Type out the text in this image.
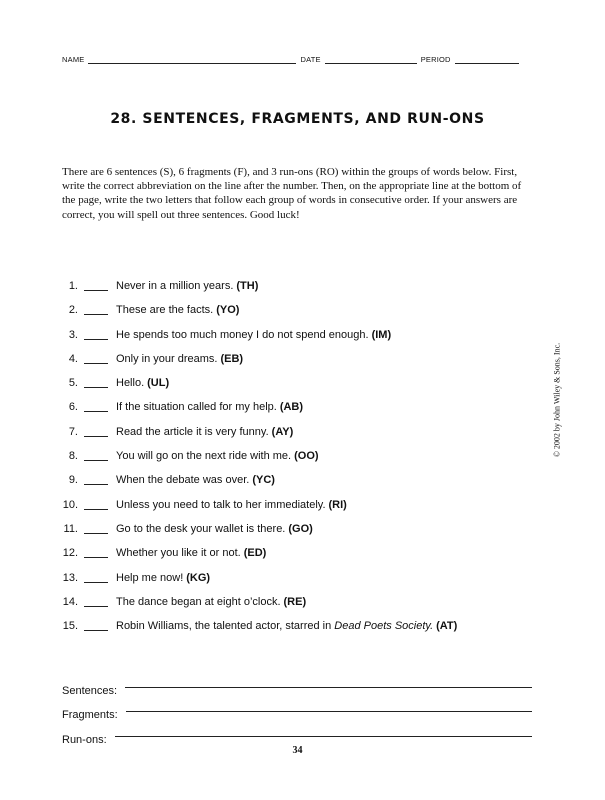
NAME	DATE	PERIOD
28. SENTENCES, FRAGMENTS, AND RUN-ONS

There are 6 sentences (S), 6 fragments (F), and 3 run-ons (RO) within the groups of words below. First, write the correct abbreviation on the line after the number. Then, on the appropriate line at the bottom of the page, write the two letters that follow each group of words in consecutive order. If your answers are correct, you will spell out three sentences. Good luck!

1.	Never in a million years. (TH)
2.	These are the facts. (YO)
3.	He spends too much money I do not spend enough. (IM)
4.	Only in your dreams. (EB)
5.	Hello. (UL)
6.	If the situation called for my help. (AB)
7.	Read the article it is very funny. (AY)
8.	You will go on the next ride with me. (OO)
9.	When the debate was over. (YC)
10.	Unless you need to talk to her immediately. (RI)
11.	Go to the desk your wallet is there. (GO)
12.	Whether you like it or not. (ED)
13.	Help me now! (KG)
14.	The dance began at eight o’clock. (RE)
15.	Robin Williams, the talented actor, starred in
Dead Poets Society. (AT)
Sentences:
Fragments:
Run-ons:
34
© 2002 by John Wiley & Sons, Inc.
